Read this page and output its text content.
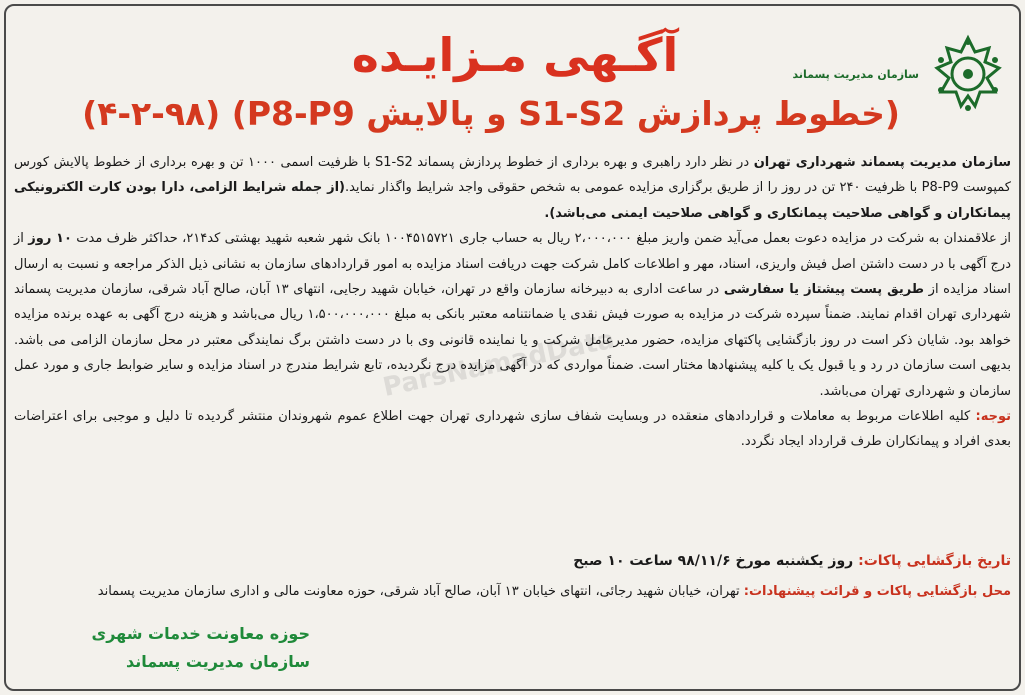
سازمان مدیریت پسماند
آگـهی مـزایـده
(خطوط پردازش S1-S2 و پالایش P8-P9) (۴-۲-۹۸)
ParsNamadData

سازمان مدیریت پسماند شهرداری تهران در نظر دارد راهبری و بهره برداری از خطوط پردازش پسماند S1-S2 با ظرفیت اسمی ۱۰۰۰ تن و بهره برداری از خطوط پالایش کورس کمپوست P8-P9 با ظرفیت ۲۴۰ تن در روز را از طریق برگزاری مزایده عمومی به شخص حقوقی واجد شرایط واگذار نماید.(از جمله شرایط الزامی، دارا بودن کارت الکترونیکی پیمانکاران و گواهی صلاحیت پیمانکاری و گواهی صلاحیت ایمنی می‌باشد).

از علاقمندان به شرکت در مزایده دعوت بعمل می‌آید ضمن واریز مبلغ ۲،۰۰۰،۰۰۰ ریال به حساب جاری ۱۰۰۴۵۱۵۷۲۱ بانک شهر شعبه شهید بهشتی کد۲۱۴، حداکثر ظرف مدت ۱۰ روز از درج آگهی با در دست داشتن اصل فیش واریزی، اسناد، مهر و اطلاعات کامل شرکت جهت دریافت اسناد مزایده به امور قراردادهای سازمان به نشانی ذیل الذکر مراجعه و نسبت به ارسال اسناد مزایده از طریق پست پیشتاز یا سفارشی در ساعت اداری به دبیرخانه سازمان واقع در تهران، خیابان شهید رجایی، انتهای ۱۳ آبان، صالح آباد شرقی، سازمان مدیریت پسماند شهرداری تهران اقدام نمایند. ضمناً سپرده شرکت در مزایده به صورت فیش نقدی یا ضمانتنامه معتبر بانکی به مبلغ ۱،۵۰۰،۰۰۰،۰۰۰ ریال می‌باشد و هزینه درج آگهی به عهده برنده مزایده خواهد بود. شایان ذکر است در روز بازگشایی پاکتهای مزایده، حضور مدیرعامل شرکت و یا نماینده قانونی وی با در دست داشتن برگ نمایندگی معتبر در محل سازمان الزامی می باشد. بدیهی است سازمان در رد و یا قبول یک یا کلیه پیشنهادها مختار است. ضمناً مواردی که در آگهی مزایده درج نگردیده، تابع شرایط مندرج در اسناد مزایده و سایر ضوابط جاری و مورد عمل سازمان و شهرداری تهران می‌باشد.

توجه: کلیه اطلاعات مربوط به معاملات و قراردادهای منعقده در وبسایت شفاف سازی شهرداری تهران جهت اطلاع عموم شهروندان منتشر گردیده تا دلیل و موجبی برای اعتراضات بعدی افراد و پیمانکاران طرف قرارداد ایجاد نگردد.

تاریخ بازگشایی پاکات: روز یکشنبه مورخ ۹۸/۱۱/۶ ساعت ۱۰ صبح
محل بازگشایی پاکات و قرائت پیشنهادات: تهران، خیابان شهید رجائی، انتهای خیابان ۱۳ آبان، صالح آباد شرقی، حوزه معاونت مالی و اداری سازمان مدیریت پسماند
حوزه معاونت خدمات شهری
سازمان مدیریت پسماند
